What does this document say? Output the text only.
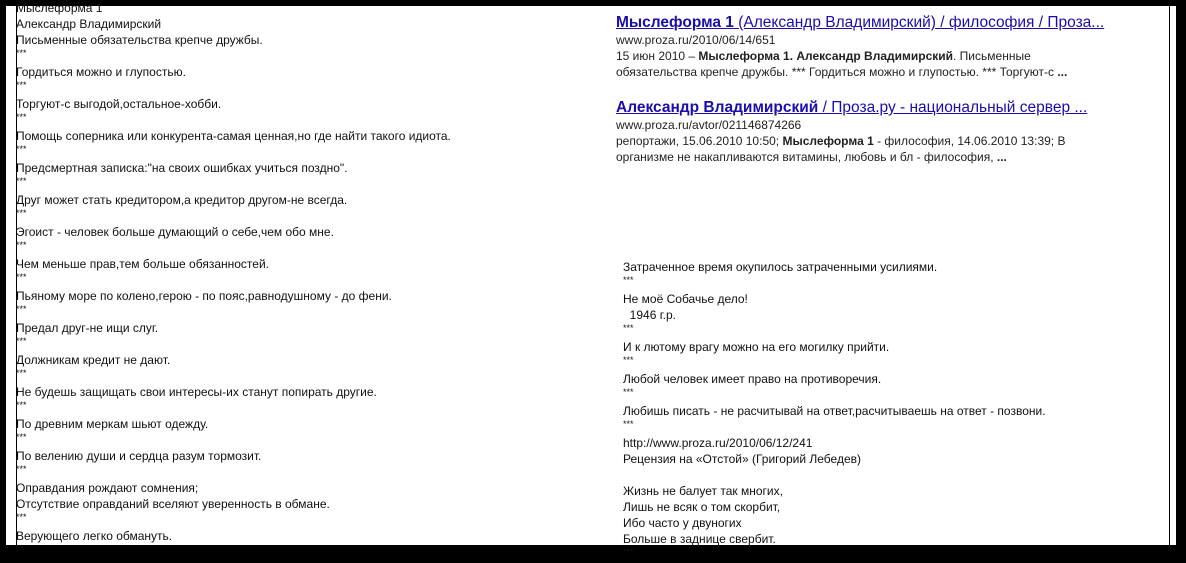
Мыслеформа 1
Александр Владимирский
Письменные обязательства крепче дружбы.
***
Гордиться можно и глупостью.
***
Торгуют-с выгодой,остальное-хобби.
***
Помощь соперника или конкурента-самая ценная,но где найти такого идиота.
***
Предсмертная записка:"на своих ошибках учиться поздно".
***
Друг может стать кредитором,а кредитор другом-не всегда.
***
Эгоист - человек больше думающий о себе,чем обо мне.
***
Чем меньше прав,тем больше обязанностей.
***
Пьяному море по колено,герою - по пояс,равнодушному - до фени.
***
Предал друг-не ищи слуг.
***
Должникам кредит не дают.
***
Не будешь защищать свои интересы-их станут попирать другие.
***
По древним меркам шьют одежду.
***
По велению души и сердца разум тормозит.
***
Оправдания рождают сомнения;
Отсутствие оправданий вселяют уверенность в обмане.
***
Верующего легко обмануть.
Мыслеформа 1 (Александр Владимирский) / философия / Проза...
www.proza.ru/2010/06/14/651
15 июн 2010 – Мыслеформа 1. Александр Владимирский. Письменные обязательства крепче дружбы. *** Гордиться можно и глупостью. *** Торгуют-с ...
Александр Владимирский / Проза.ру - национальный сервер ...
www.proza.ru/avtor/021146874266
репортажи, 15.06.2010 10:50; Мыслеформа 1 - философия, 14.06.2010 13:39; В организме не накапливаются витамины, любовь и бл - философия, ...
Затраченное время окупилось затраченными усилиями.
***
Не моё Собачье дело!
1946 г.р.
***
И к лютому врагу можно на его могилку прийти.
***
Любой человек имеет право на противоречия.
***
Любишь писать - не расчитывай на ответ,расчитываешь на ответ - позвони.
***
http://www.proza.ru/2010/06/12/241
Рецензия на «Отстой» (Григорий Лебедев)
Жизнь не балует так многих,
Лишь не всяк о том скорбит,
Ибо часто у двуногих
Больше в заднице свербит.
***
